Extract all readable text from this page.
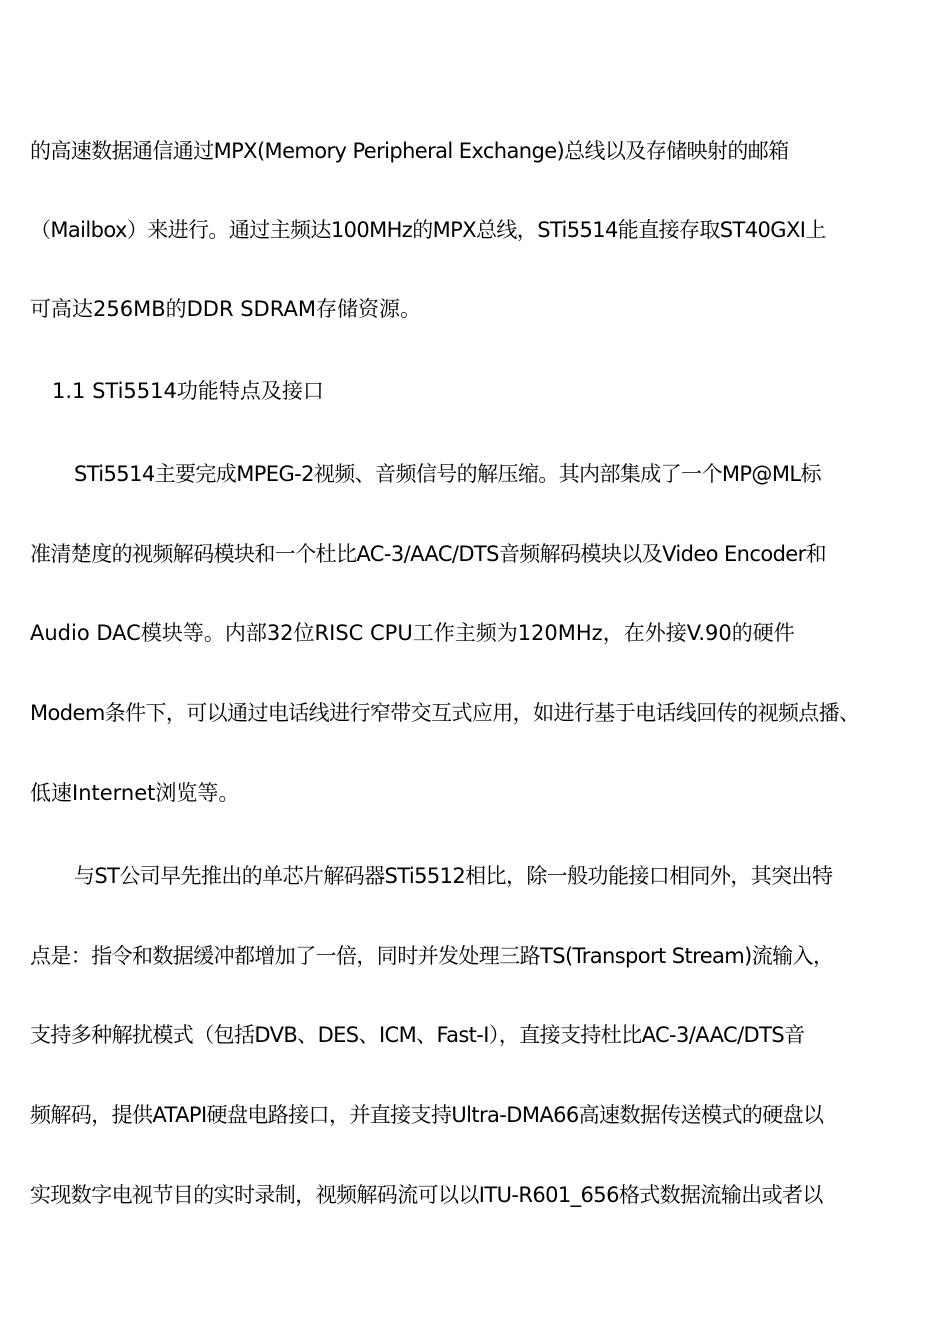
的高速数据通信通过MPX(Memory Peripheral Exchange)总线以及存储映射的邮箱
（Mailbox）来进行。通过主频达100MHz的MPX总线，STi5514能直接存取ST40GXI上
可高达256MB的DDR SDRAM存储资源。
1.1 STi5514功能特点及接口
STi5514主要完成MPEG-2视频、音频信号的解压缩。其内部集成了一个MP@ML标
准清楚度的视频解码模块和一个杜比AC-3/AAC/DTS音频解码模块以及Video Encoder和
Audio DAC模块等。内部32位RISC CPU工作主频为120MHz，在外接V.90的硬件
Modem条件下，可以通过电话线进行窄带交互式应用，如进行基于电话线回传的视频点播、
低速Internet浏览等。
与ST公司早先推出的单芯片解码器STi5512相比，除一般功能接口相同外，其突出特
点是：指令和数据缓冲都增加了一倍，同时并发处理三路TS(Transport Stream)流输入，
支持多种解扰模式（包括DVB、DES、ICM、Fast-I），直接支持杜比AC-3/AAC/DTS音
频解码，提供ATAPI硬盘电路接口，并直接支持Ultra-DMA66高速数据传送模式的硬盘以
实现数字电视节目的实时录制，视频解码流可以以ITU-R601_656格式数据流输出或者以
